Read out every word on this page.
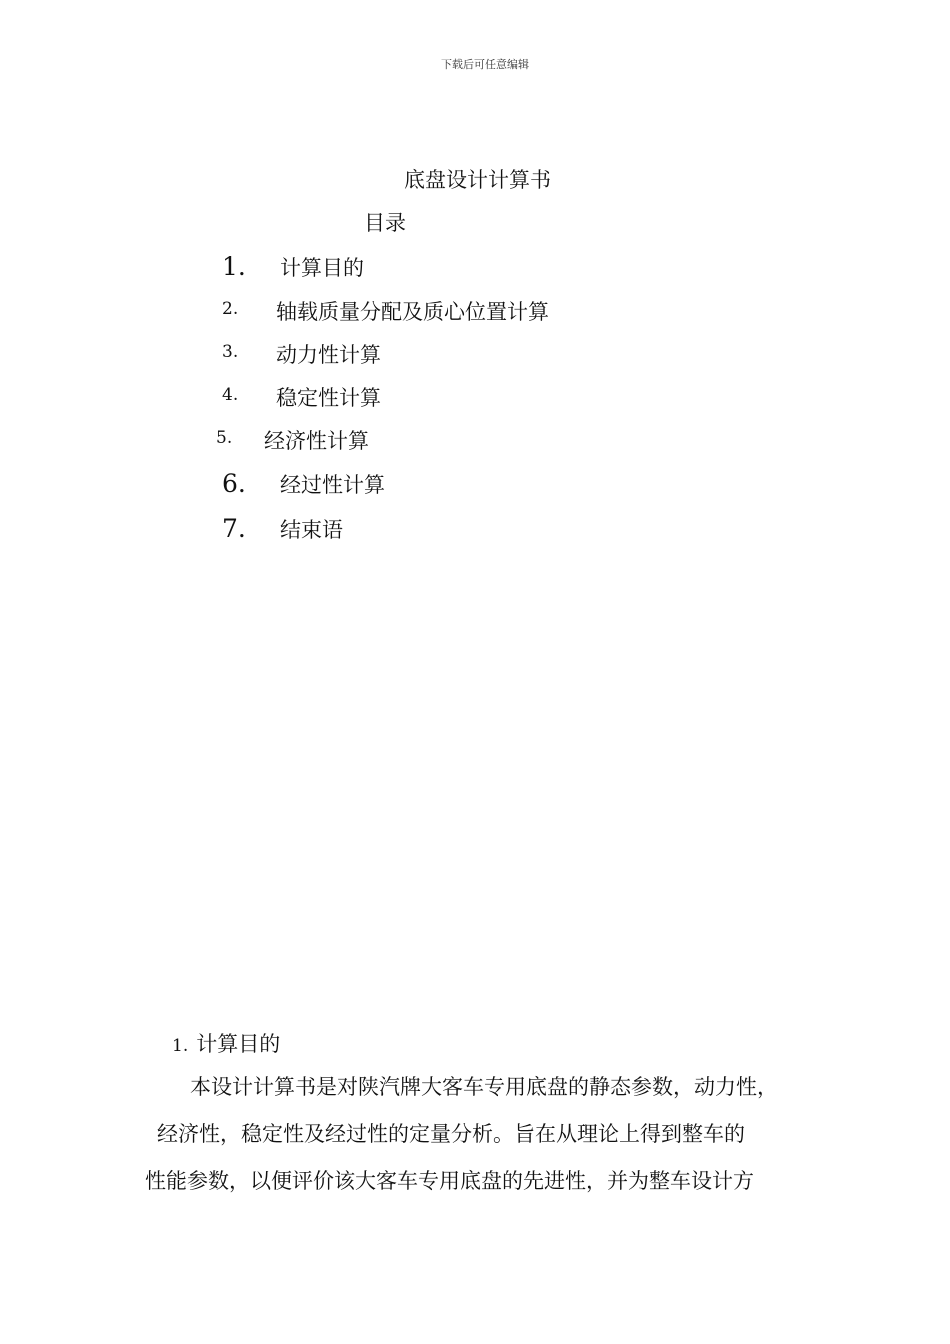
下载后可任意编辑
底盘设计计算书
目录
1. 计算目的
2. 轴载质量分配及质心位置计算
3. 动力性计算
4. 稳定性计算
5. 经济性计算
6. 经过性计算
7. 结束语
1. 计算目的
本设计计算书是对陕汽牌大客车专用底盘的静态参数，动力性，
经济性，稳定性及经过性的定量分析。旨在从理论上得到整车的
性能参数，以便评价该大客车专用底盘的先进性，并为整车设计方
